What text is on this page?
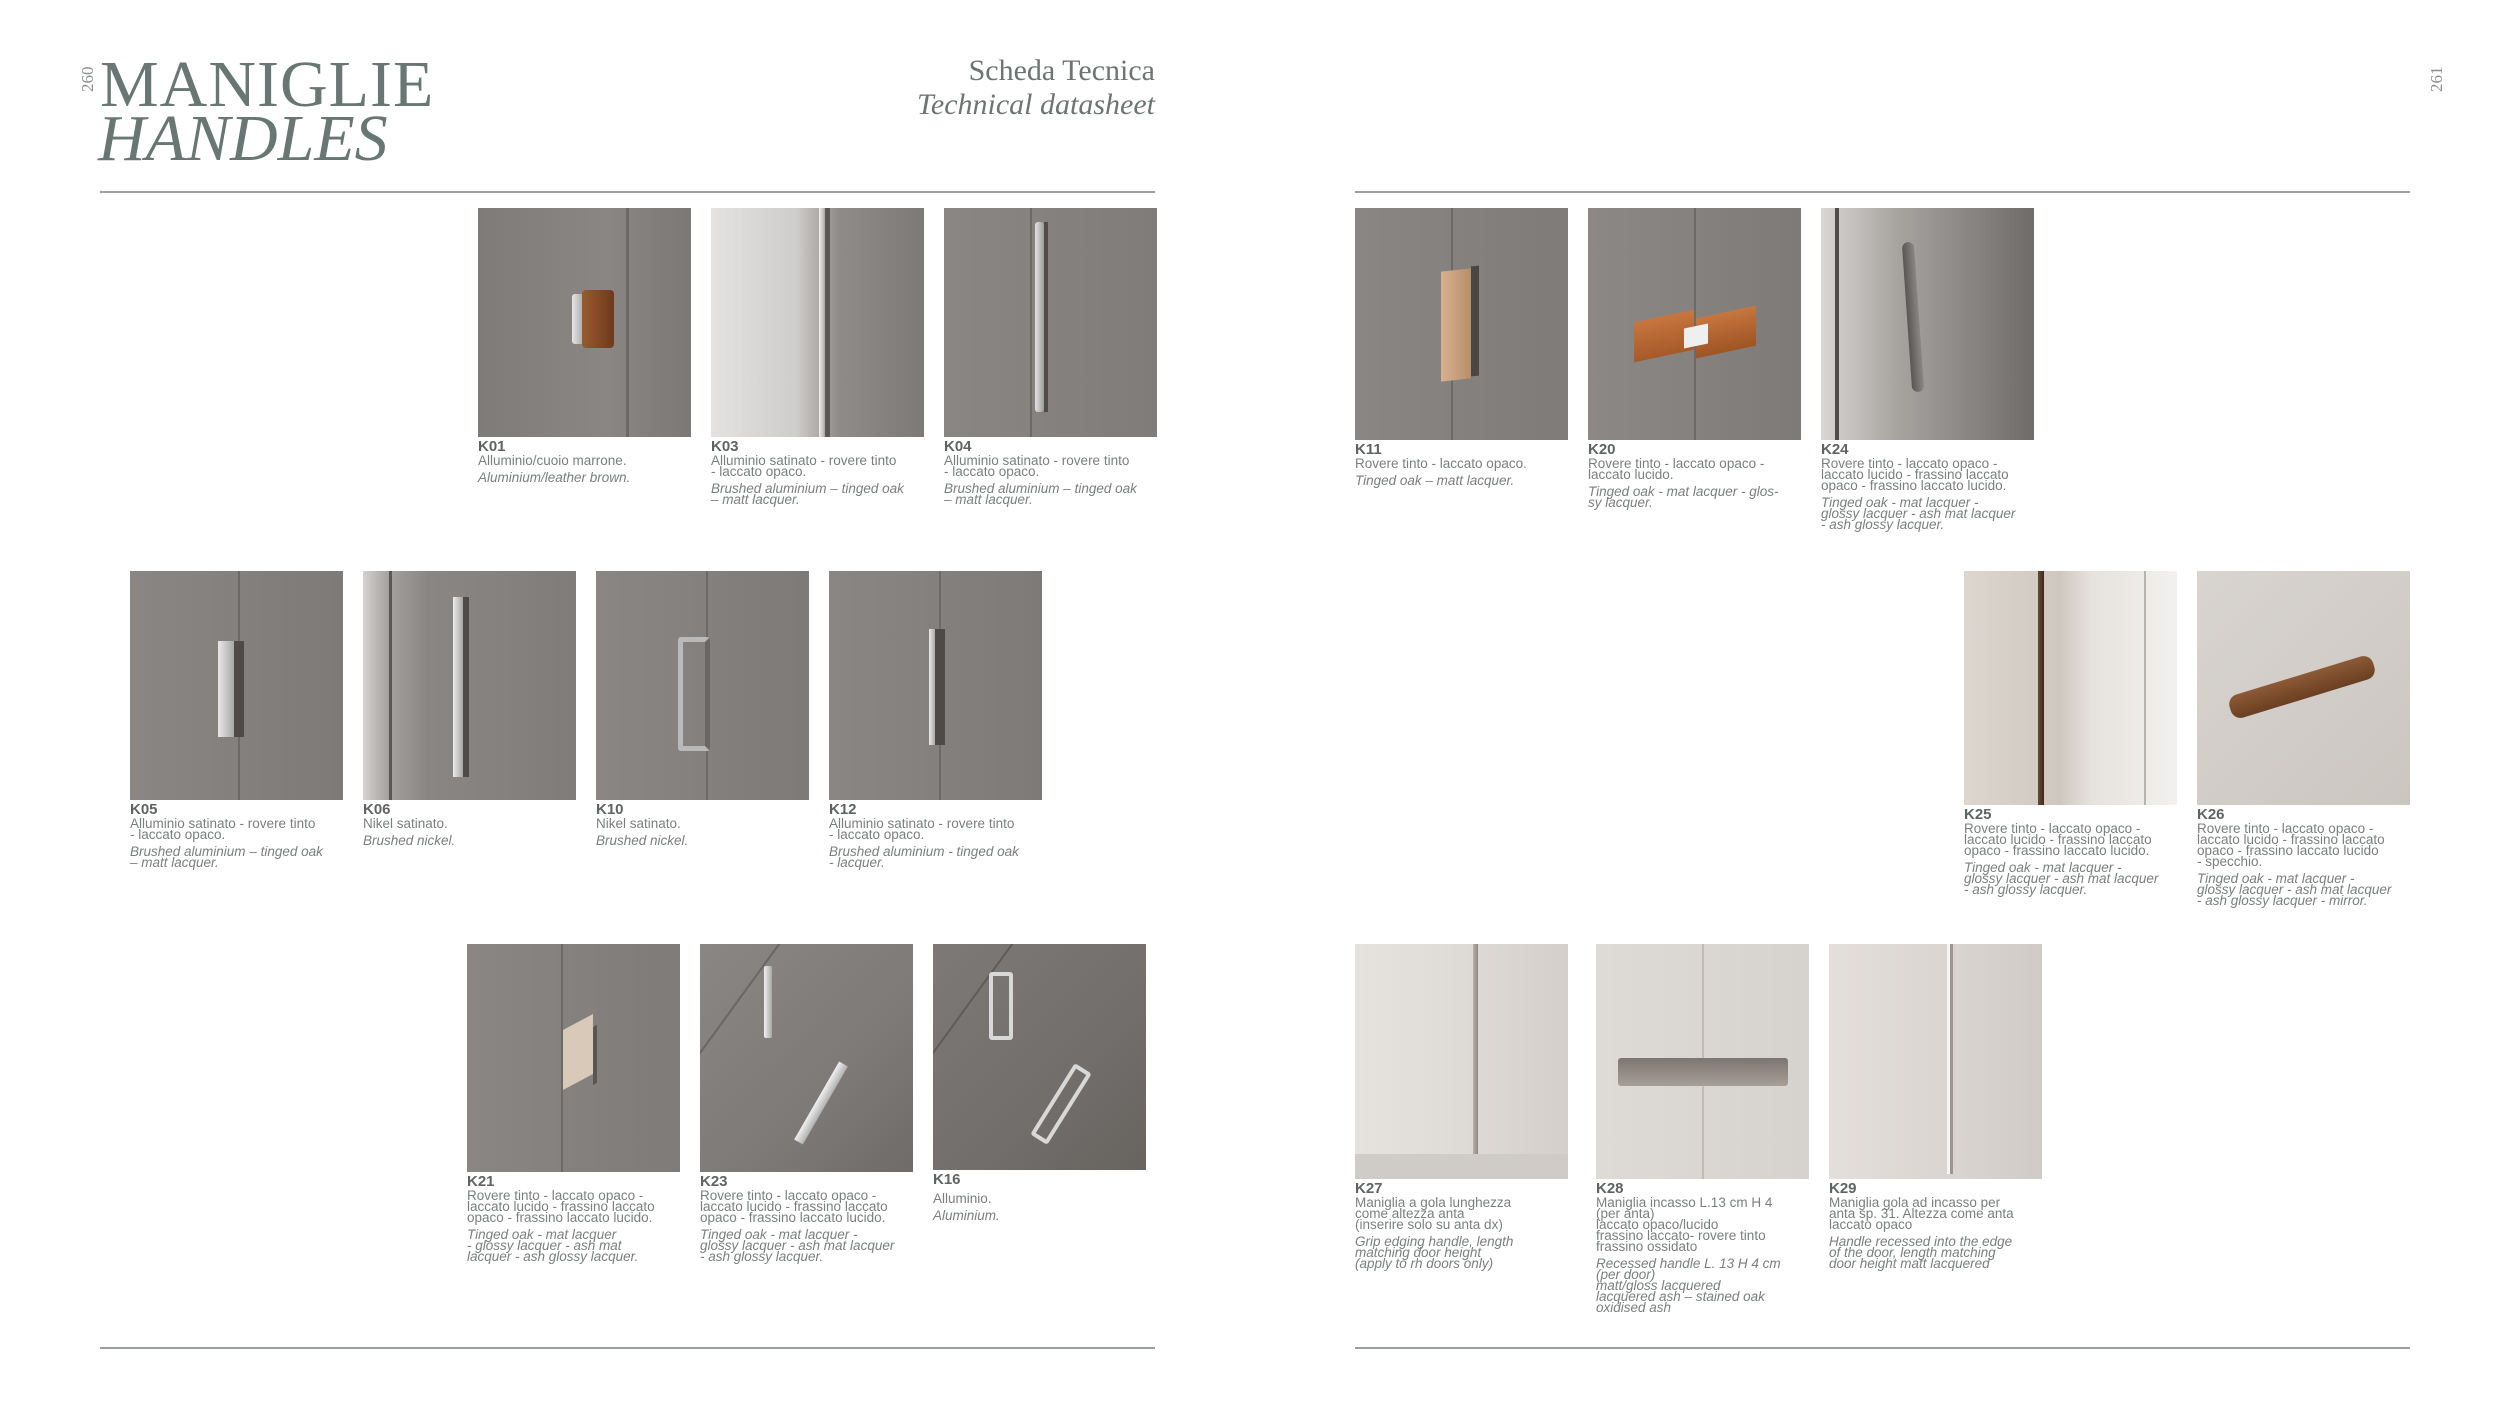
260	261
MANIGLIE
HANDLES
Scheda Tecnica
Technical datasheet
K01
Alluminio/cuoio marrone.
Aluminium/leather brown.
K03
Alluminio satinato - rovere tinto
- laccato opaco.
Brushed aluminium – tinged oak
– matt lacquer.
K04
Alluminio satinato - rovere tinto
- laccato opaco.
Brushed aluminium – tinged oak
– matt lacquer.
K11
Rovere tinto - laccato opaco.
Tinged oak – matt lacquer.
K20
Rovere tinto - laccato opaco -
laccato lucido.
Tinged oak - mat lacquer - glos-
sy lacquer.
K24
Rovere tinto - laccato opaco -
laccato lucido - frassino laccato
opaco - frassino laccato lucido.
Tinged oak - mat lacquer -
glossy lacquer - ash mat lacquer
- ash glossy lacquer.
K05
Alluminio satinato - rovere tinto
- laccato opaco.
Brushed aluminium – tinged oak
– matt lacquer.
K06
Nikel satinato.
Brushed nickel.
K10
Nikel satinato.
Brushed nickel.
K12
Alluminio satinato - rovere tinto
- laccato opaco.
Brushed aluminium - tinged oak
- lacquer.
K25
Rovere tinto - laccato opaco -
laccato lucido - frassino laccato
opaco - frassino laccato lucido.
Tinged oak - mat lacquer -
glossy lacquer - ash mat lacquer
- ash glossy lacquer.
K26
Rovere tinto - laccato opaco -
laccato lucido - frassino laccato
opaco - frassino laccato lucido
- specchio.
Tinged oak - mat lacquer -
glossy lacquer - ash mat lacquer
- ash glossy lacquer - mirror.
K21
Rovere tinto - laccato opaco -
laccato lucido - frassino laccato
opaco - frassino laccato lucido.
Tinged oak - mat lacquer
- glossy lacquer - ash mat
lacquer - ash glossy lacquer.
K23
Rovere tinto - laccato opaco -
laccato lucido - frassino laccato
opaco - frassino laccato lucido.
Tinged oak - mat lacquer -
glossy lacquer - ash mat lacquer
- ash glossy lacquer.
K16
Alluminio.
Aluminium.
K27
Maniglia a gola lunghezza
come altezza anta
(inserire solo su anta dx)
Grip edging handle, length
matching door height
(apply to rh doors only)
K28
Maniglia incasso L.13 cm H 4
(per anta)
laccato opaco/lucido
frassino laccato- rovere tinto
frassino ossidato
Recessed handle L. 13 H 4 cm
(per door)
matt/gloss lacquered
lacquered ash – stained oak
oxidised ash
K29
Maniglia gola ad incasso per
anta sp. 31. Altezza come anta
laccato opaco
Handle recessed into the edge
of the door, length matching
door height matt lacquered
